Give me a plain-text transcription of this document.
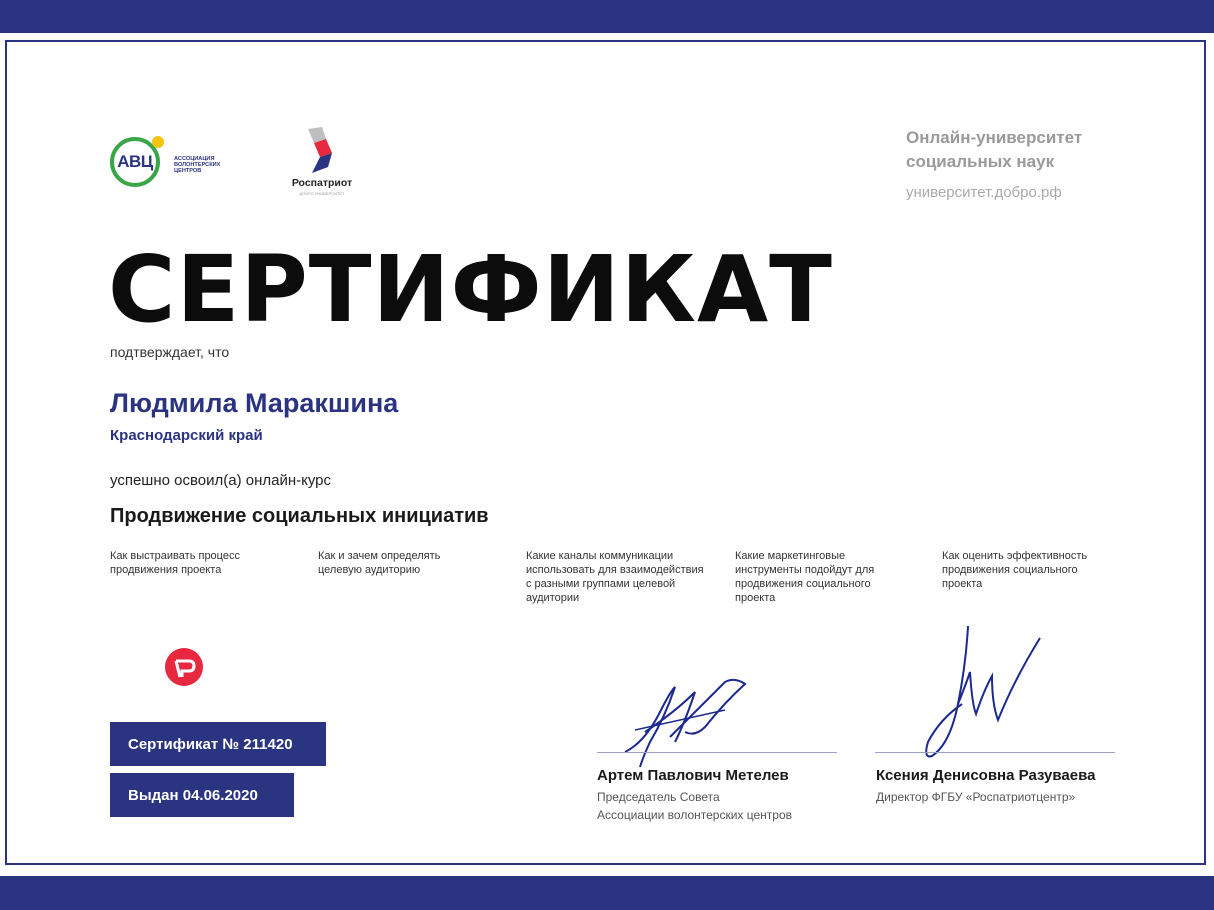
АВЦ	АССОЦИАЦИЯ ВОЛОНТЕРСКИХ ЦЕНТРОВ
Роспатриот
ДОБРО.УНИВЕРСИТЕТ
Онлайн-университет социальных наук
университет.добро.рф
СЕРТИФИКАТ
подтверждает, что
Людмила Маракшина
Краснодарский край
успешно освоил(а) онлайн-курс
Продвижение социальных инициатив
Как выстраивать процесс продвижения проекта
Как и зачем определять целевую аудиторию
Какие каналы коммуникации использовать для взаимодействия с разными группами целевой аудитории
Какие маркетинговые инструменты подойдут для продвижения социального проекта
Как оценить эффективность продвижения социального проекта
Сертификат № 211420
Выдан 04.06.2020
Артем Павлович Метелев
Председатель Совета
Ассоциации волонтерских центров
Ксения Денисовна Разуваева
Директор ФГБУ «Роспатриотцентр»
